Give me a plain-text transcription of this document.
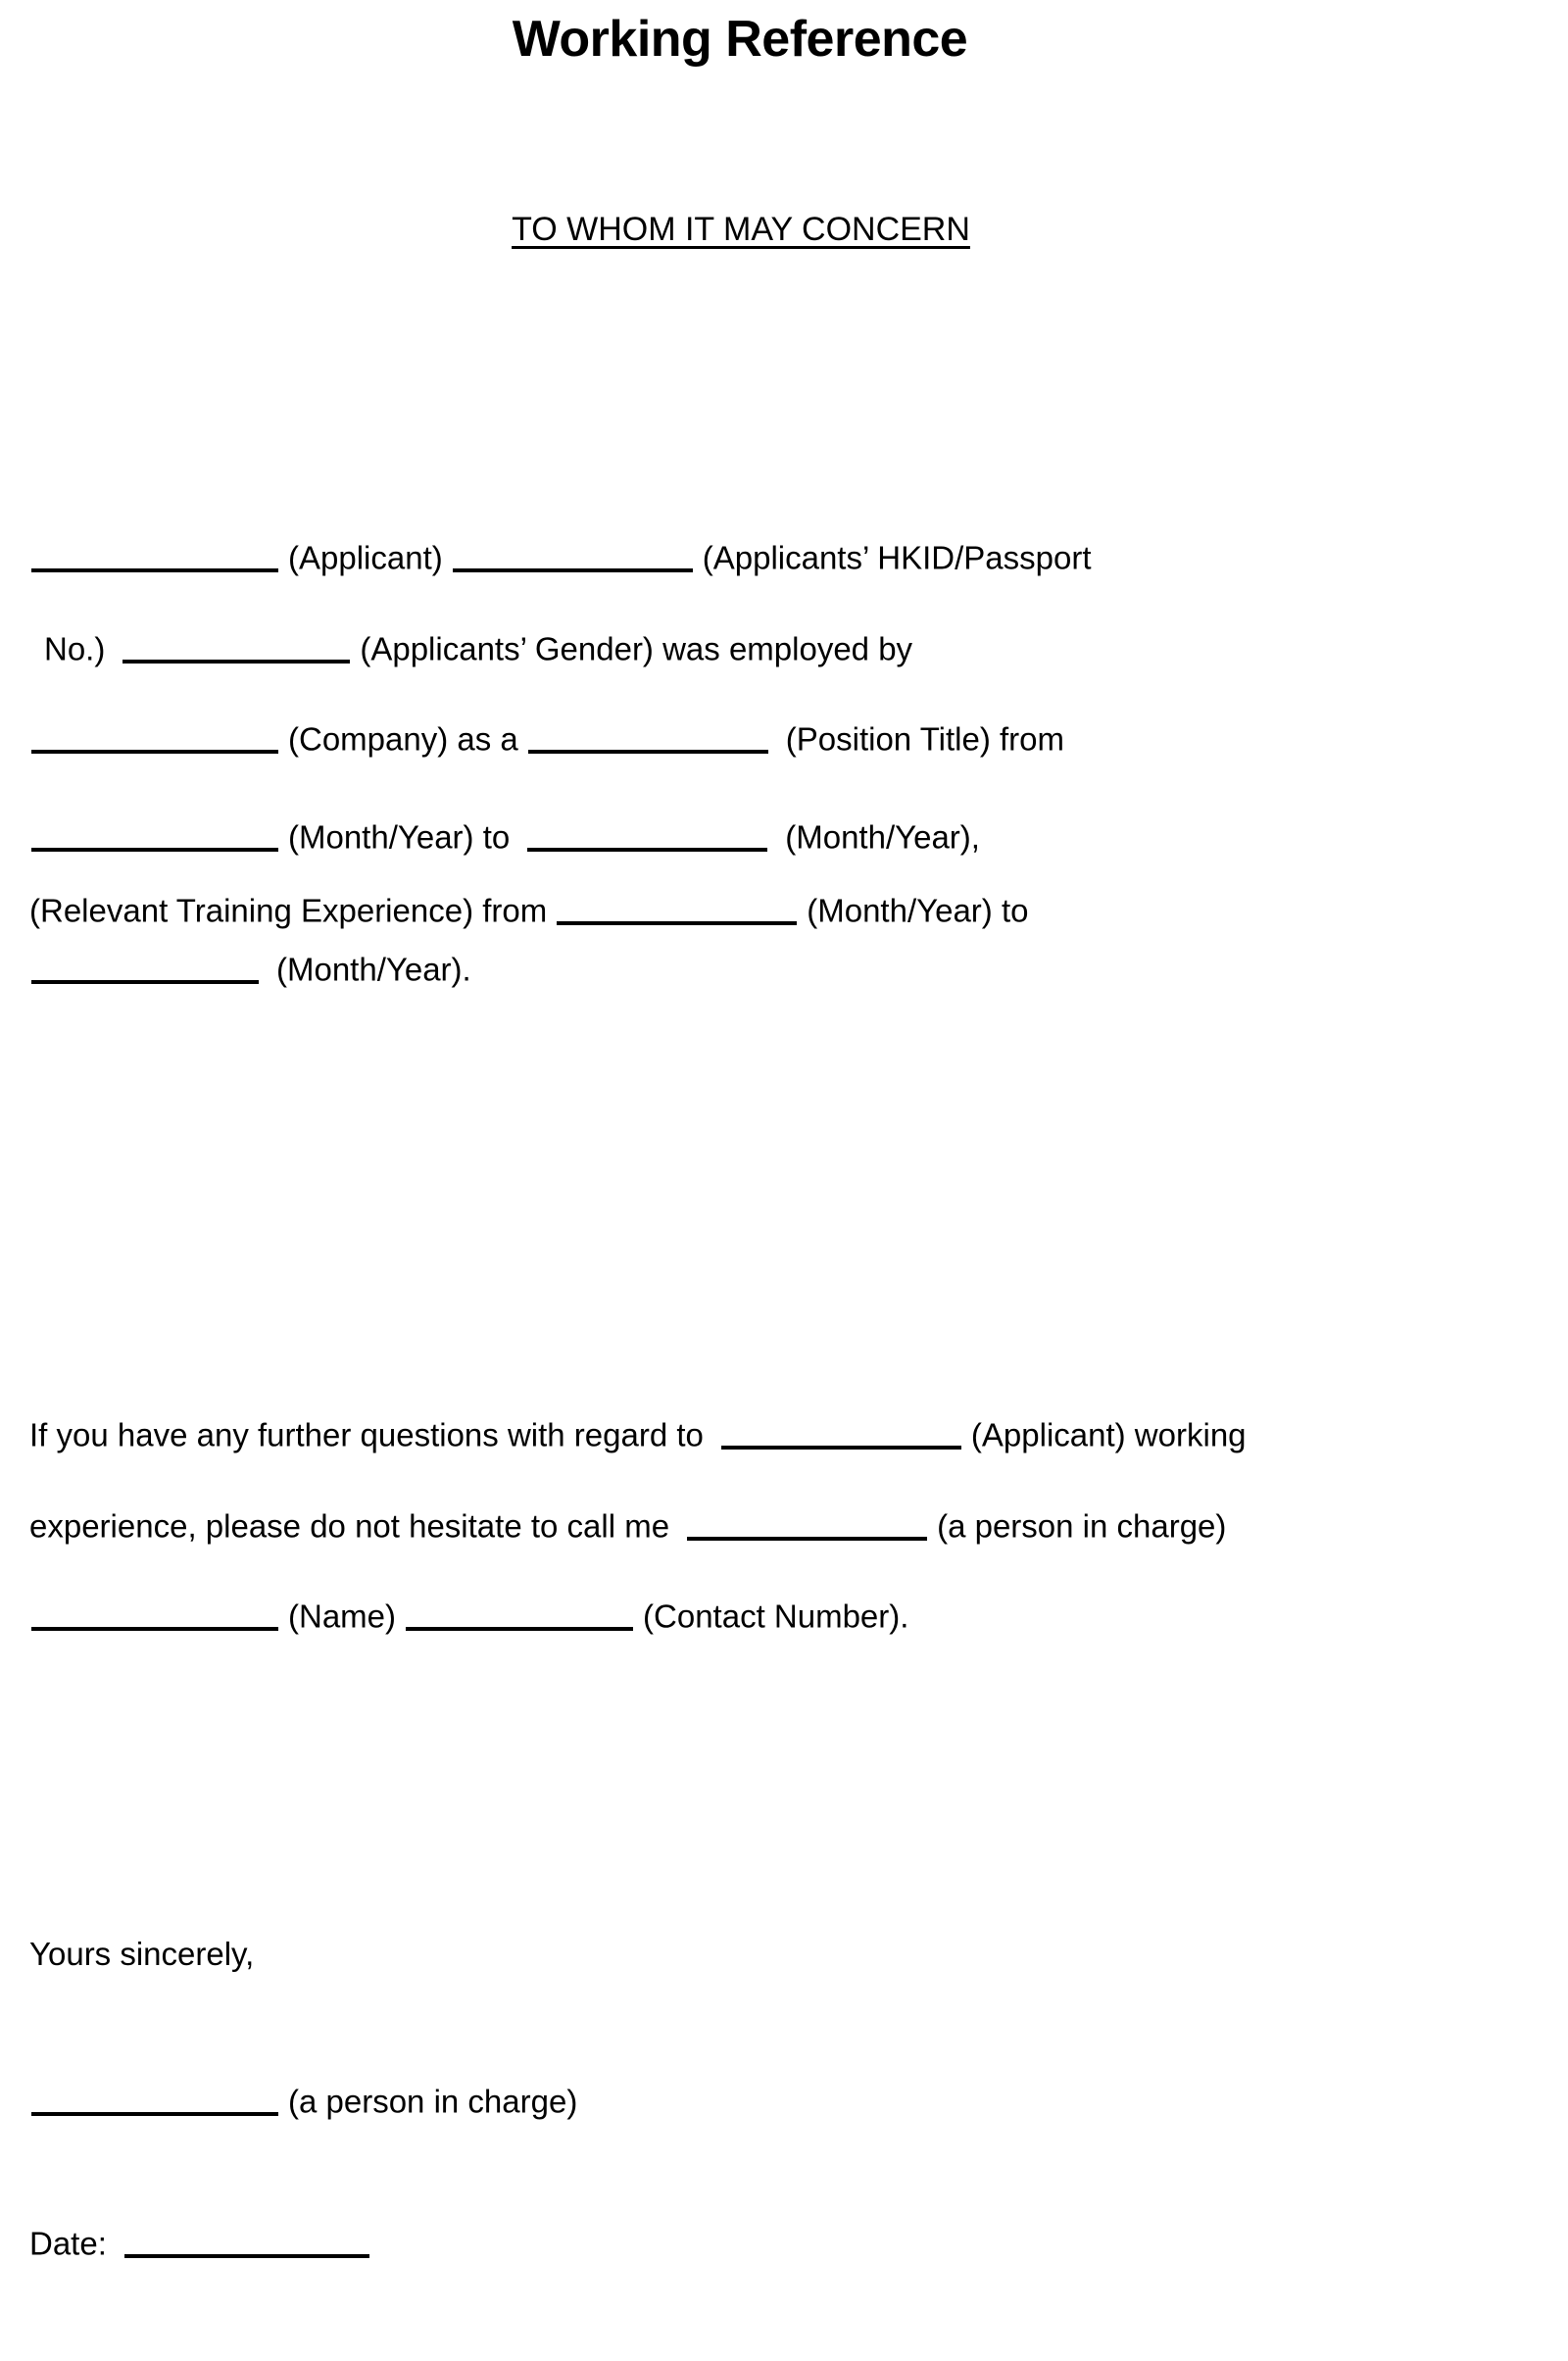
Working Reference
TO WHOM IT MAY CONCERN
(Applicant)	(Applicants’ HKID/Passport
No.)	(Applicants’ Gender) was employed by
(Company) as a	(Position Title) from
(Month/Year) to	(Month/Year),
(Relevant Training Experience) from	(Month/Year) to
(Month/Year).
If you have any further questions with regard to	(Applicant) working
experience, please do not hesitate to call me	(a person in charge)
(Name)	(Contact Number).
Yours sincerely,
(a person in charge)
Date:
